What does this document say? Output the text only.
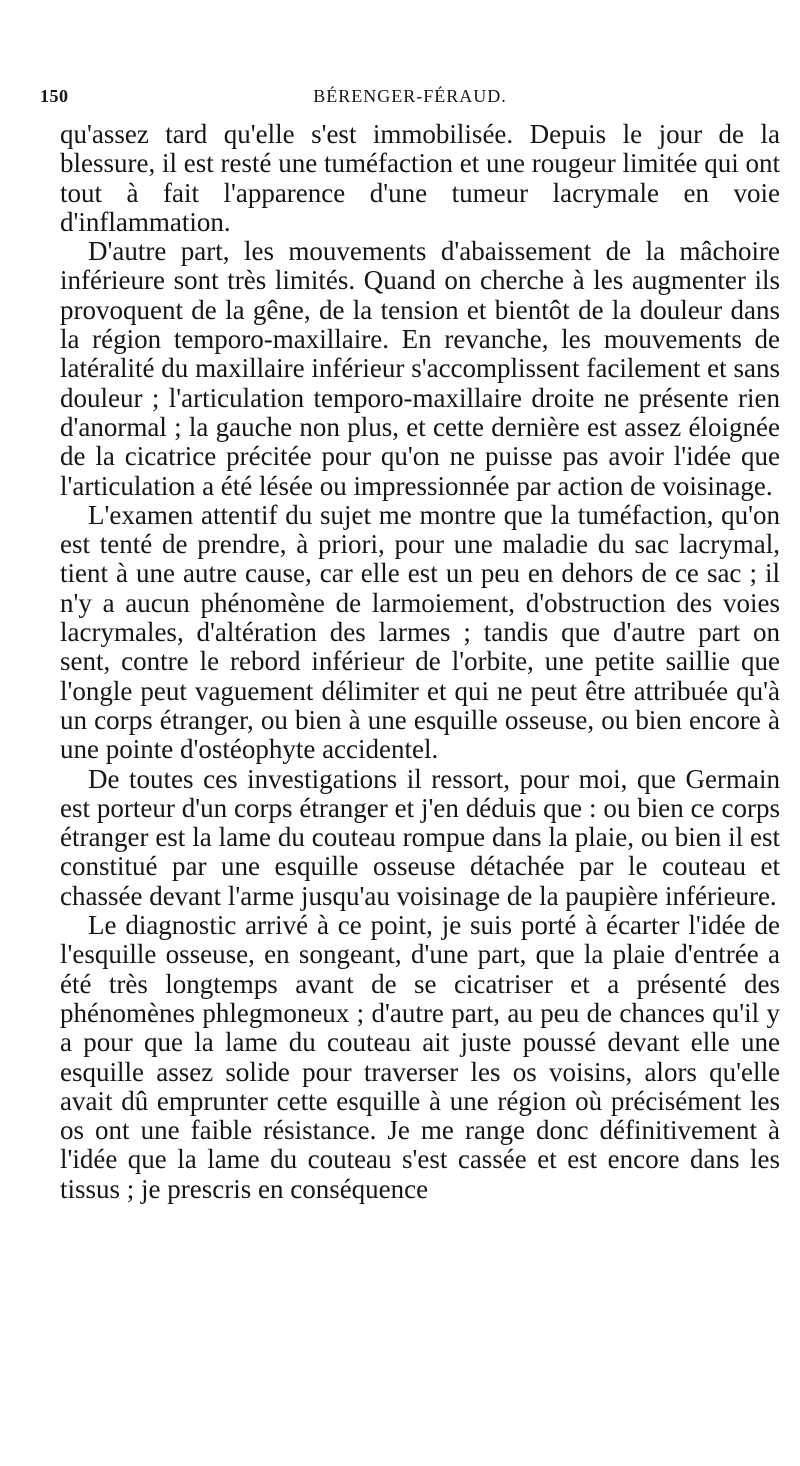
150	BÉRENGER-FÉRAUD.

qu'assez tard qu'elle s'est immobilisée. Depuis le jour de la blessure, il est resté une tuméfaction et une rougeur limitée qui ont tout à fait l'apparence d'une tumeur lacrymale en voie d'inflammation.

D'autre part, les mouvements d'abaissement de la mâchoire inférieure sont très limités. Quand on cherche à les augmenter ils provoquent de la gêne, de la tension et bientôt de la douleur dans la région temporo-maxillaire. En revanche, les mouvements de latéralité du maxillaire inférieur s'accomplissent facilement et sans douleur ; l'articulation temporo-maxillaire droite ne présente rien d'anormal ; la gauche non plus, et cette dernière est assez éloignée de la cicatrice précitée pour qu'on ne puisse pas avoir l'idée que l'articulation a été lésée ou impressionnée par action de voisinage.

L'examen attentif du sujet me montre que la tuméfaction, qu'on est tenté de prendre, à priori, pour une maladie du sac lacrymal, tient à une autre cause, car elle est un peu en dehors de ce sac ; il n'y a aucun phénomène de larmoiement, d'obstruction des voies lacrymales, d'altération des larmes ; tandis que d'autre part on sent, contre le rebord inférieur de l'orbite, une petite saillie que l'ongle peut vaguement délimiter et qui ne peut être attribuée qu'à un corps étranger, ou bien à une esquille osseuse, ou bien encore à une pointe d'ostéophyte accidentel.

De toutes ces investigations il ressort, pour moi, que Germain est porteur d'un corps étranger et j'en déduis que : ou bien ce corps étranger est la lame du couteau rompue dans la plaie, ou bien il est constitué par une esquille osseuse détachée par le couteau et chassée devant l'arme jusqu'au voisinage de la paupière inférieure.

Le diagnostic arrivé à ce point, je suis porté à écarter l'idée de l'esquille osseuse, en songeant, d'une part, que la plaie d'entrée a été très longtemps avant de se cicatriser et a présenté des phénomènes phlegmoneux ; d'autre part, au peu de chances qu'il y a pour que la lame du couteau ait juste poussé devant elle une esquille assez solide pour traverser les os voisins, alors qu'elle avait dû emprunter cette esquille à une région où précisément les os ont une faible résistance. Je me range donc définitivement à l'idée que la lame du couteau s'est cassée et est encore dans les tissus ; je prescris en conséquence
